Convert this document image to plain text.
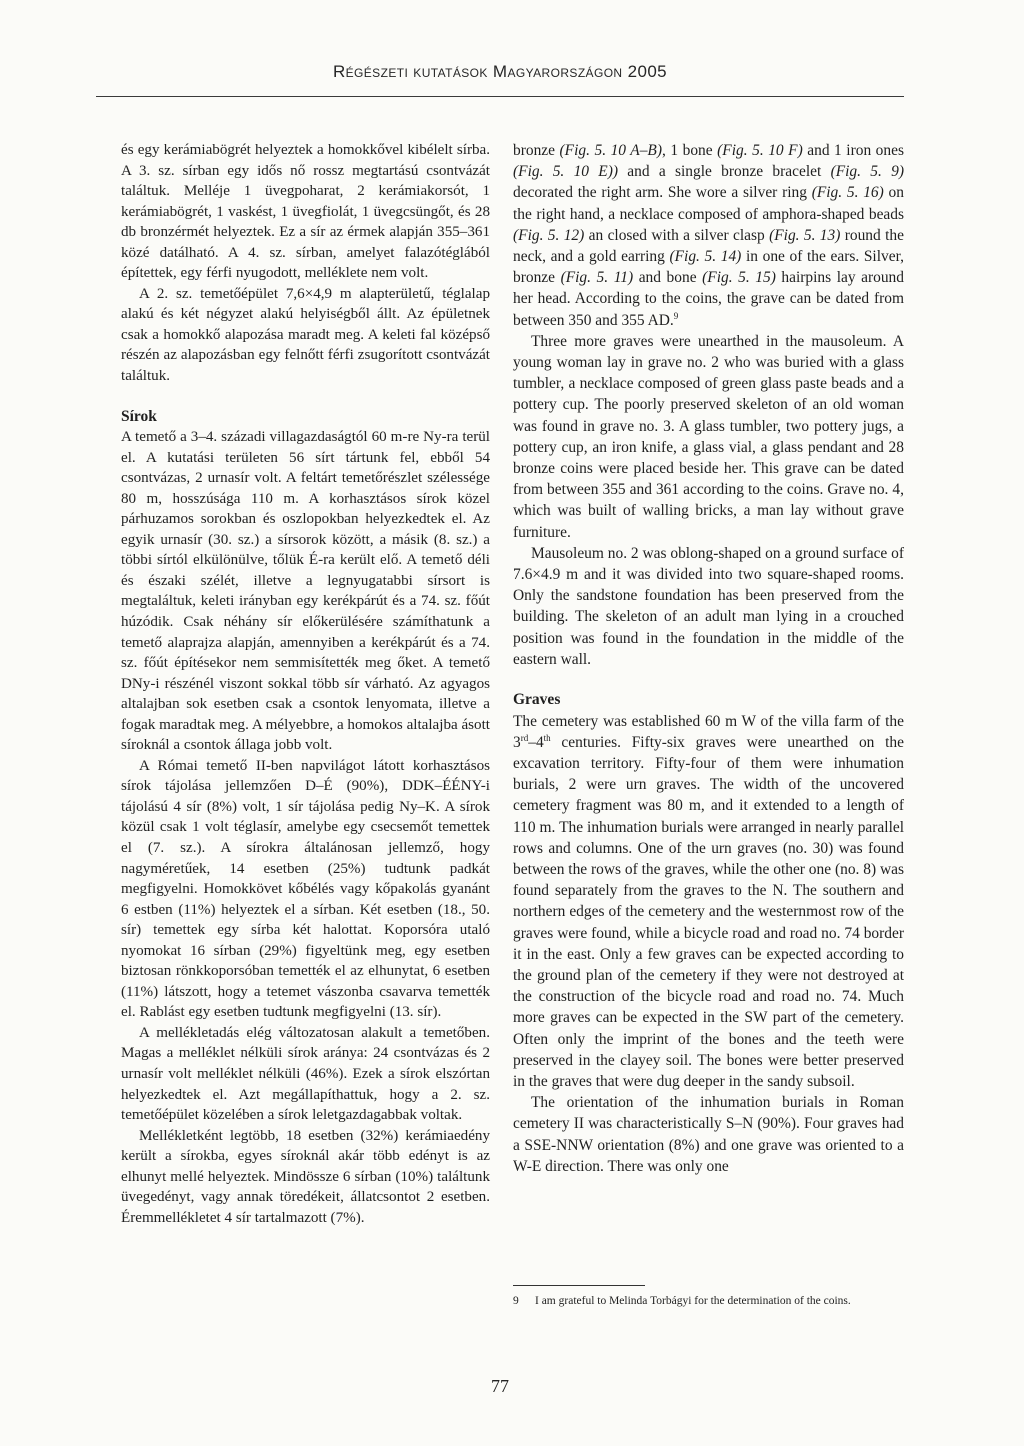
Régészeti kutatások Magyarországon 2005

és egy kerámiabögrét helyeztek a homokkővel kibélelt sírba. A 3. sz. sírban egy idős nő rossz megtartású csontvázát találtuk. Melléje 1 üvegpoharat, 2 kerámiakorsót, 1 kerámiabögrét, 1 vaskést, 1 üvegfiolát, 1 üvegcsüngőt, és 28 db bronzérmét helyeztek. Ez a sír az érmek alapján 355–361 közé datálható. A 4. sz. sírban, amelyet falazótéglából építettek, egy férfi nyugodott, melléklete nem volt.

A 2. sz. temetőépület 7,6×4,9 m alapterületű, téglalap alakú és két négyzet alakú helyiségből állt. Az épületnek csak a homokkő alapozása maradt meg. A keleti fal középső részén az alapozásban egy felnőtt férfi zsugorított csontvázát találtuk.

Sírok

A temető a 3–4. századi villagazdaságtól 60 m-re Ny-ra terül el. A kutatási területen 56 sírt tártunk fel, ebből 54 csontvázas, 2 urnasír volt. A feltárt temetőrészlet szélessége 80 m, hosszúsága 110 m. A korhasztásos sírok közel párhuzamos sorokban és oszlopokban helyezkedtek el. Az egyik urnasír (30. sz.) a sírsorok között, a másik (8. sz.) a többi sírtól elkülönülve, tőlük É-ra került elő. A temető déli és északi szélét, illetve a legnyugatabbi sírsort is megtaláltuk, keleti irányban egy kerékpárút és a 74. sz. főút húzódik. Csak néhány sír előkerülésére számíthatunk a temető alaprajza alapján, amennyiben a kerékpárút és a 74. sz. főút építésekor nem semmisítették meg őket. A temető DNy-i részénél viszont sokkal több sír várható. Az agyagos altalajban sok esetben csak a csontok lenyomata, illetve a fogak maradtak meg. A mélyebbre, a homokos altalajba ásott síroknál a csontok állaga jobb volt.

A Római temető II-ben napvilágot látott korhasztásos sírok tájolása jellemzően D–É (90%), DDK–ÉÉNY-i tájolású 4 sír (8%) volt, 1 sír tájolása pedig Ny–K. A sírok közül csak 1 volt téglasír, amelybe egy csecsemőt temettek el (7. sz.). A sírokra általánosan jellemző, hogy nagyméretűek, 14 esetben (25%) tudtunk padkát megfigyelni. Homokkövet kőbélés vagy kőpakolás gyanánt 6 estben (11%) helyeztek el a sírban. Két esetben (18., 50. sír) temettek egy sírba két halottat. Koporsóra utaló nyomokat 16 sírban (29%) figyeltünk meg, egy esetben biztosan rönkkoporsóban temették el az elhunytat, 6 esetben (11%) látszott, hogy a tetemet vászonba csavarva temették el. Rablást egy esetben tudtunk megfigyelni (13. sír).

A mellékletadás elég változatosan alakult a temetőben. Magas a melléklet nélküli sírok aránya: 24 csontvázas és 2 urnasír volt melléklet nélküli (46%). Ezek a sírok elszórtan helyezkedtek el. Azt megállapíthattuk, hogy a 2. sz. temetőépület közelében a sírok leletgazdagabbak voltak.

Mellékletként legtöbb, 18 esetben (32%) kerámiaedény került a sírokba, egyes síroknál akár több edényt is az elhunyt mellé helyeztek. Mindössze 6 sírban (10%) találtunk üvegedényt, vagy annak töredékeit, állatcsontot 2 esetben. Éremmellékletet 4 sír tartalmazott (7%).

bronze (Fig. 5. 10 A–B), 1 bone (Fig. 5. 10 F) and 1 iron ones (Fig. 5. 10 E)) and a single bronze bracelet (Fig. 5. 9) decorated the right arm. She wore a silver ring (Fig. 5. 16) on the right hand, a necklace composed of amphora-shaped beads (Fig. 5. 12) an closed with a silver clasp (Fig. 5. 13) round the neck, and a gold earring (Fig. 5. 14) in one of the ears. Silver, bronze (Fig. 5. 11) and bone (Fig. 5. 15) hairpins lay around her head. According to the coins, the grave can be dated from between 350 and 355 AD.$^9$

Three more graves were unearthed in the mausoleum. A young woman lay in grave no. 2 who was buried with a glass tumbler, a necklace composed of green glass paste beads and a pottery cup. The poorly preserved skeleton of an old woman was found in grave no. 3. A glass tumbler, two pottery jugs, a pottery cup, an iron knife, a glass vial, a glass pendant and 28 bronze coins were placed beside her. This grave can be dated from between 355 and 361 according to the coins. Grave no. 4, which was built of walling bricks, a man lay without grave furniture.

Mausoleum no. 2 was oblong-shaped on a ground surface of 7.6×4.9 m and it was divided into two square-shaped rooms. Only the sandstone foundation has been preserved from the building. The skeleton of an adult man lying in a crouched position was found in the foundation in the middle of the eastern wall.

Graves

The cemetery was established 60 m W of the villa farm of the 3rd–4th centuries. Fifty-six graves were unearthed on the excavation territory. Fifty-four of them were inhumation burials, 2 were urn graves. The width of the uncovered cemetery fragment was 80 m, and it extended to a length of 110 m. The inhumation burials were arranged in nearly parallel rows and columns. One of the urn graves (no. 30) was found between the rows of the graves, while the other one (no. 8) was found separately from the graves to the N. The southern and northern edges of the cemetery and the westernmost row of the graves were found, while a bicycle road and road no. 74 border it in the east. Only a few graves can be expected according to the ground plan of the cemetery if they were not destroyed at the construction of the bicycle road and road no. 74. Much more graves can be expected in the SW part of the cemetery. Often only the imprint of the bones and the teeth were preserved in the clayey soil. The bones were better preserved in the graves that were dug deeper in the sandy subsoil.

The orientation of the inhumation burials in Roman cemetery II was characteristically S–N (90%). Four graves had a SSE-NNW orientation (8%) and one grave was oriented to a W-E direction. There was only one

9	I am grateful to Melinda Torbágyi for the determination of the coins.
77
